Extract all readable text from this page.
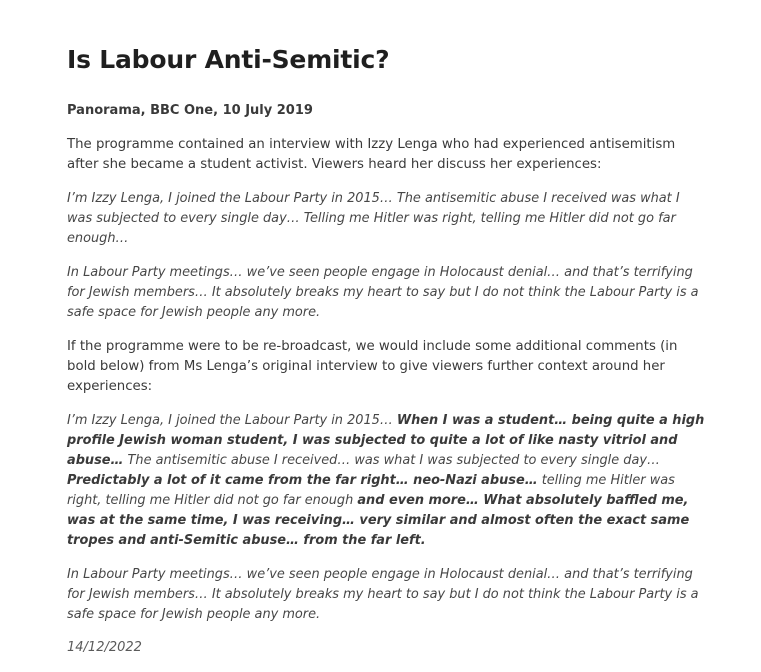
Is Labour Anti-Semitic?
Panorama, BBC One, 10 July 2019

The programme contained an interview with Izzy Lenga who had experienced antisemitism after she became a student activist. Viewers heard her discuss her experiences:

I’m Izzy Lenga, I joined the Labour Party in 2015… The antisemitic abuse I received was what I was subjected to every single day… Telling me Hitler was right, telling me Hitler did not go far enough…

In Labour Party meetings… we’ve seen people engage in Holocaust denial… and that’s terrifying for Jewish members… It absolutely breaks my heart to say but I do not think the Labour Party is a safe space for Jewish people any more.

If the programme were to be re-broadcast, we would include some additional comments (in bold below) from Ms Lenga’s original interview to give viewers further context around her experiences:

I’m Izzy Lenga, I joined the Labour Party in 2015… When I was a student… being quite a high profile Jewish woman student, I was subjected to quite a lot of like nasty vitriol and abuse… The antisemitic abuse I received… was what I was subjected to every single day… Predictably a lot of it came from the far right… neo-Nazi abuse… telling me Hitler was right, telling me Hitler did not go far enough and even more… What absolutely baffled me, was at the same time, I was receiving… very similar and almost often the exact same tropes and anti-Semitic abuse… from the far left.

In Labour Party meetings… we’ve seen people engage in Holocaust denial… and that’s terrifying for Jewish members… It absolutely breaks my heart to say but I do not think the Labour Party is a safe space for Jewish people any more.

14/12/2022
